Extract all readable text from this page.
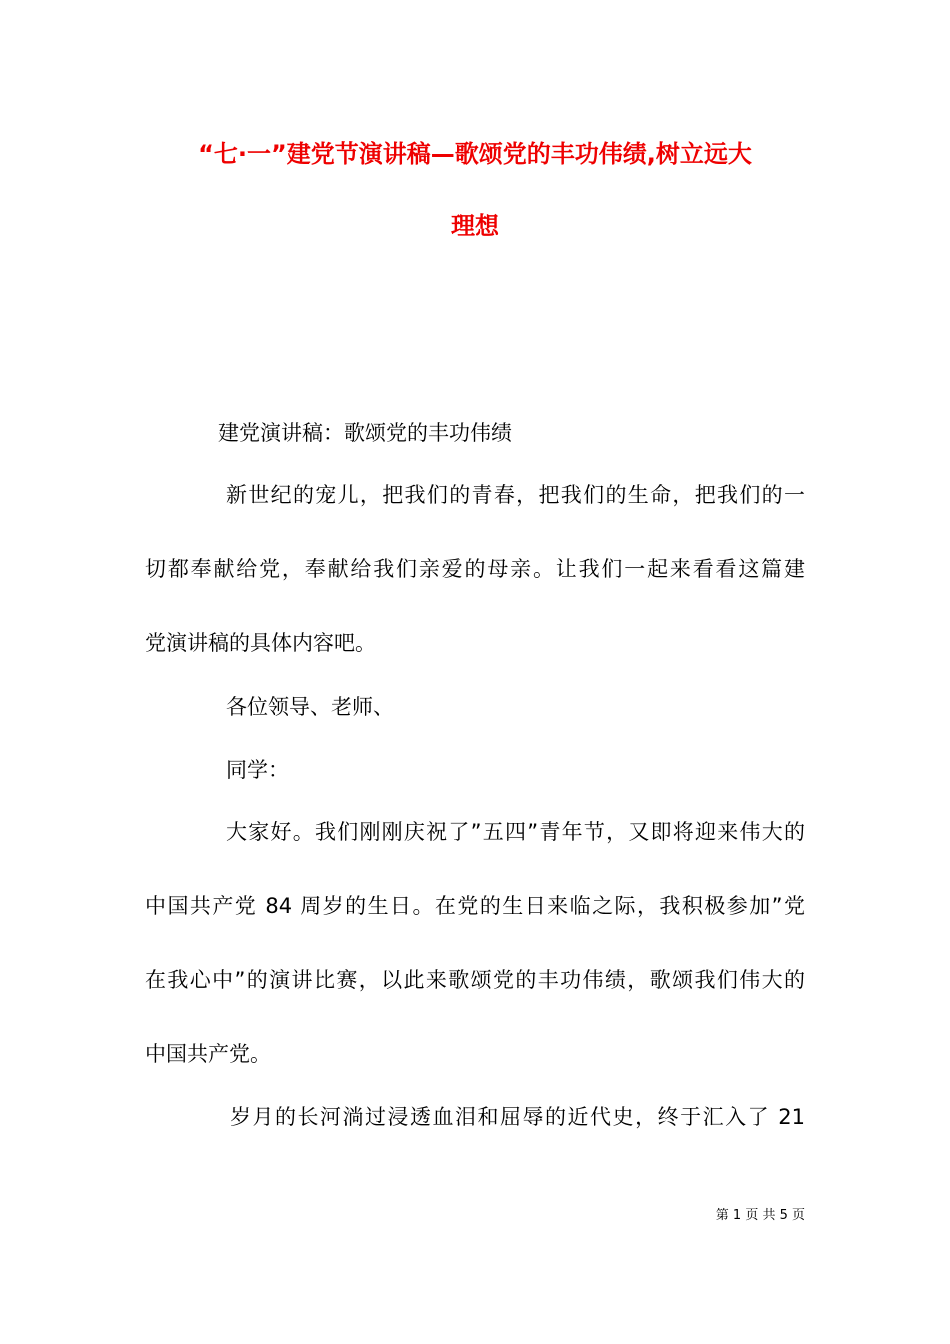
“七·一”建党节演讲稿—歌颂党的丰功伟绩,树立远大
理想
建党演讲稿：歌颂党的丰功伟绩
新世纪的宠儿，把我们的青春，把我们的生命，把我们的一
切都奉献给党，奉献给我们亲爱的母亲。让我们一起来看看这篇建
党演讲稿的具体内容吧。
各位领导、老师、
同学：
大家好。我们刚刚庆祝了”五四”青年节，又即将迎来伟大的
中国共产党 84 周岁的生日。在党的生日来临之际，我积极参加”党
在我心中”的演讲比赛，以此来歌颂党的丰功伟绩，歌颂我们伟大的
中国共产党。
岁月的长河淌过浸透血泪和屈辱的近代史，终于汇入了 21
第 1 页 共 5 页
